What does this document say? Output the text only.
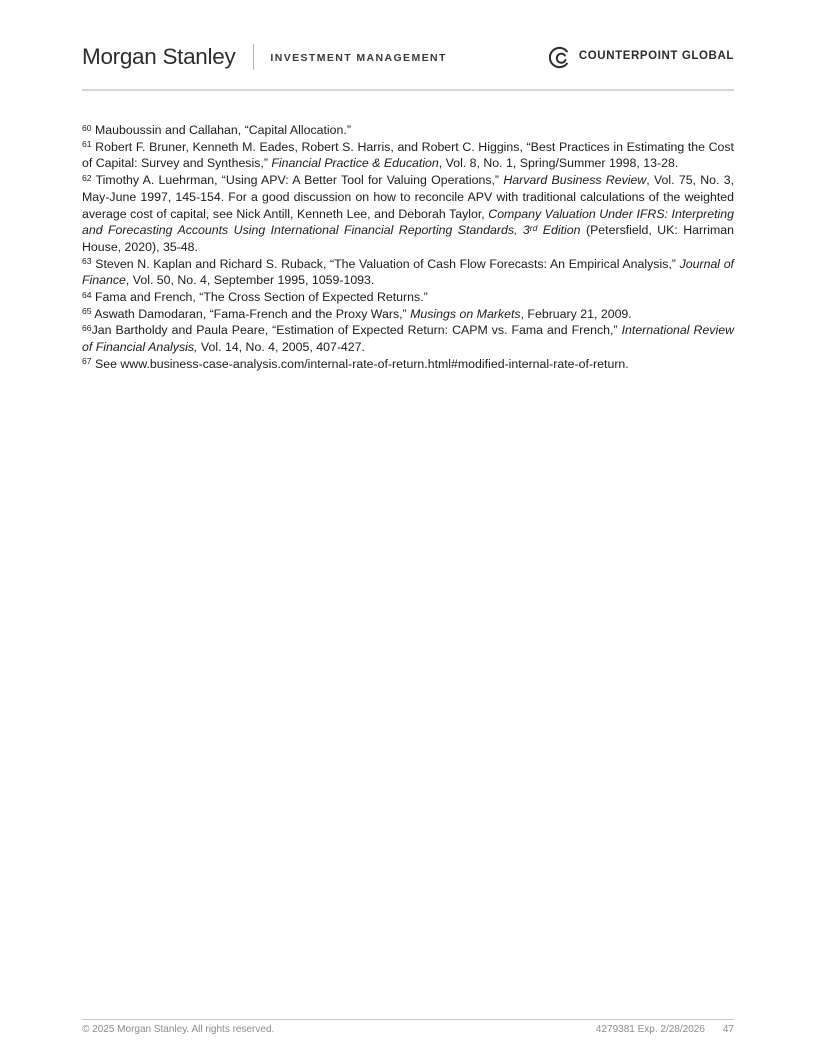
Morgan Stanley	INVESTMENT MANAGEMENT	COUNTERPOINT GLOBAL

$^{60}$ Mauboussin and Callahan, “Capital Allocation.”

$^{61}$ Robert F. Bruner, Kenneth M. Eades, Robert S. Harris, and Robert C. Higgins, “Best Practices in Estimating the Cost of Capital: Survey and Synthesis,” Financial Practice & Education, Vol. 8, No. 1, Spring/Summer 1998, 13-28.

$^{62}$ Timothy A. Luehrman, “Using APV: A Better Tool for Valuing Operations,” Harvard Business Review, Vol. 75, No. 3, May-June 1997, 145-154. For a good discussion on how to reconcile APV with traditional calculations of the weighted average cost of capital, see Nick Antill, Kenneth Lee, and Deborah Taylor, Company Valuation Under IFRS: Interpreting and Forecasting Accounts Using International Financial Reporting Standards, 3rd Edition (Petersfield, UK: Harriman House, 2020), 35-48.

$^{63}$ Steven N. Kaplan and Richard S. Ruback, “The Valuation of Cash Flow Forecasts: An Empirical Analysis,” Journal of Finance, Vol. 50, No. 4, September 1995, 1059-1093.

$^{64}$ Fama and French, “The Cross Section of Expected Returns.”

$^{65}$ Aswath Damodaran, “Fama-French and the Proxy Wars,” Musings on Markets, February 21, 2009.

$^{66}$Jan Bartholdy and Paula Peare, “Estimation of Expected Return: CAPM vs. Fama and French,” International Review of Financial Analysis, Vol. 14, No. 4, 2005, 407-427.

$^{67}$ See www.business-case-analysis.com/internal-rate-of-return.html#modified-internal-rate-of-return.

© 2025 Morgan Stanley. All rights reserved.	4279381 Exp. 2/28/2026 47
